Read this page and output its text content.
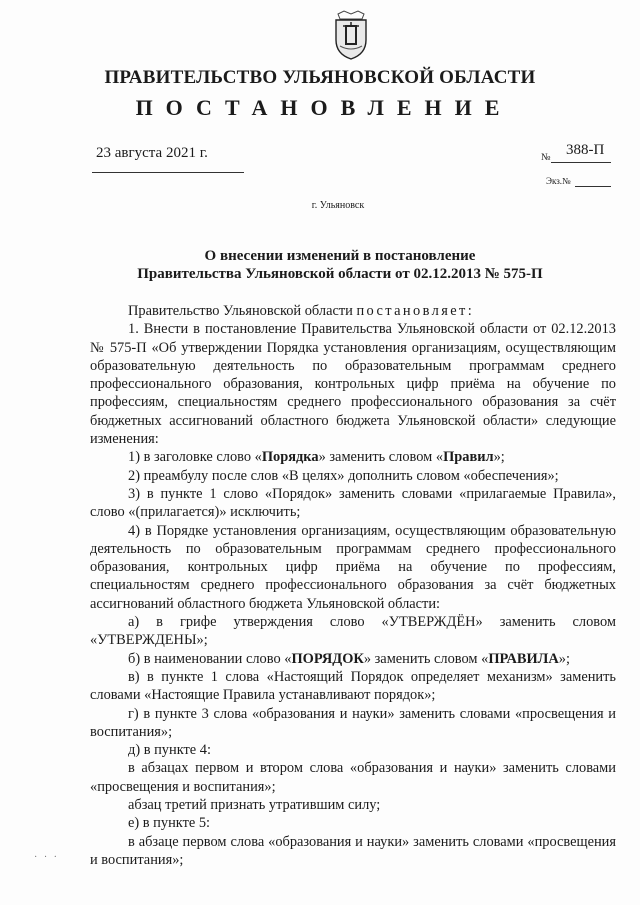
ПРАВИТЕЛЬСТВО УЛЬЯНОВСКОЙ ОБЛАСТИ
ПОСТАНОВЛЕНИЕ
23 августа 2021 г.	№ 388-П
Экз.№
г. Ульяновск
О внесении изменений в постановление
Правительства Ульяновской области от 02.12.2013 № 575-П

Правительство Ульяновской области постановляет:

1. Внести в постановление Правительства Ульяновской области от 02.12.2013 № 575-П «Об утверждении Порядка установления организациям, осуществляющим образовательную деятельность по образовательным программам среднего профессионального образования, контрольных цифр приёма на обучение по профессиям, специальностям среднего профессионального образования за счёт бюджетных ассигнований областного бюджета Ульяновской области» следующие изменения:

1) в заголовке слово «Порядка» заменить словом «Правил»;

2) преамбулу после слов «В целях» дополнить словом «обеспечения»;

3) в пункте 1 слово «Порядок» заменить словами «прилагаемые Правила», слово «(прилагается)» исключить;

4) в Порядке установления организациям, осуществляющим образовательную деятельность по образовательным программам среднего профессионального образования, контрольных цифр приёма на обучение по профессиям, специальностям среднего профессионального образования за счёт бюджетных ассигнований областного бюджета Ульяновской области:

а) в грифе утверждения слово «УТВЕРЖДЁН» заменить словом «УТВЕРЖДЕНЫ»;

б) в наименовании слово «ПОРЯДОК» заменить словом «ПРАВИЛА»;

в) в пункте 1 слова «Настоящий Порядок определяет механизм» заменить словами «Настоящие Правила устанавливают порядок»;

г) в пункте 3 слова «образования и науки» заменить словами «просвещения и воспитания»;

д) в пункте 4:

в абзацах первом и втором слова «образования и науки» заменить словами «просвещения и воспитания»;

абзац третий признать утратившим силу;

е) в пункте 5:

в абзаце первом слова «образования и науки» заменить словами «просвещения и воспитания»;

· · ·
